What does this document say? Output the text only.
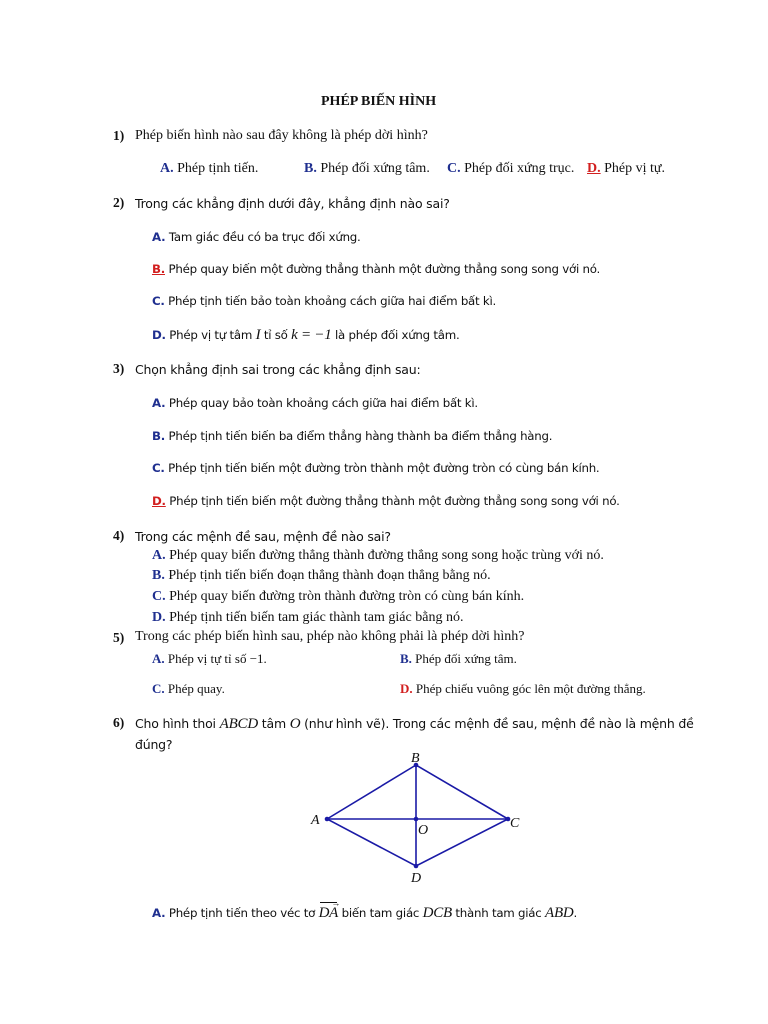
PHÉP BIẾN HÌNH
1) Phép biến hình nào sau đây không là phép dời hình?
A. Phép tịnh tiến.	B. Phép đối xứng tâm. C. Phép đối xứng trục. D. Phép vị tự.
2) Trong các khẳng định dưới đây, khẳng định nào sai?
A. Tam giác đều có ba trục đối xứng.
B. Phép quay biến một đường thẳng thành một đường thẳng song song với nó.
C. Phép tịnh tiến bảo toàn khoảng cách giữa hai điểm bất kì.
D. Phép vị tự tâm I tỉ số k = −1 là phép đối xứng tâm.
3) Chọn khẳng định sai trong các khẳng định sau:
A. Phép quay bảo toàn khoảng cách giữa hai điểm bất kì.
B. Phép tịnh tiến biến ba điểm thẳng hàng thành ba điểm thẳng hàng.
C. Phép tịnh tiến biến một đường tròn thành một đường tròn có cùng bán kính.
D. Phép tịnh tiến biến một đường thẳng thành một đường thẳng song song với nó.
4) Trong các mệnh đề sau, mệnh đề nào sai?
A. Phép quay biến đường thẳng thành đường thẳng song song hoặc trùng với nó.
B. Phép tịnh tiến biến đoạn thẳng thành đoạn thẳng bằng nó.
C. Phép quay biến đường tròn thành đường tròn có cùng bán kính.
D. Phép tịnh tiến biến tam giác thành tam giác bằng nó.
5) Trong các phép biến hình sau, phép nào không phải là phép dời hình?
A. Phép vị tự tỉ số −1.	B. Phép đối xứng tâm.
C. Phép quay.	D. Phép chiếu vuông góc lên một đường thẳng.
6) Cho hình thoi ABCD tâm O (như hình vẽ). Trong các mệnh đề sau, mệnh đề nào là mệnh đề
đúng?
A
B
C
D
O
A. Phép tịnh tiến theo véc tơ
→
DA biến tam giác DCB thành tam giác ABD.
